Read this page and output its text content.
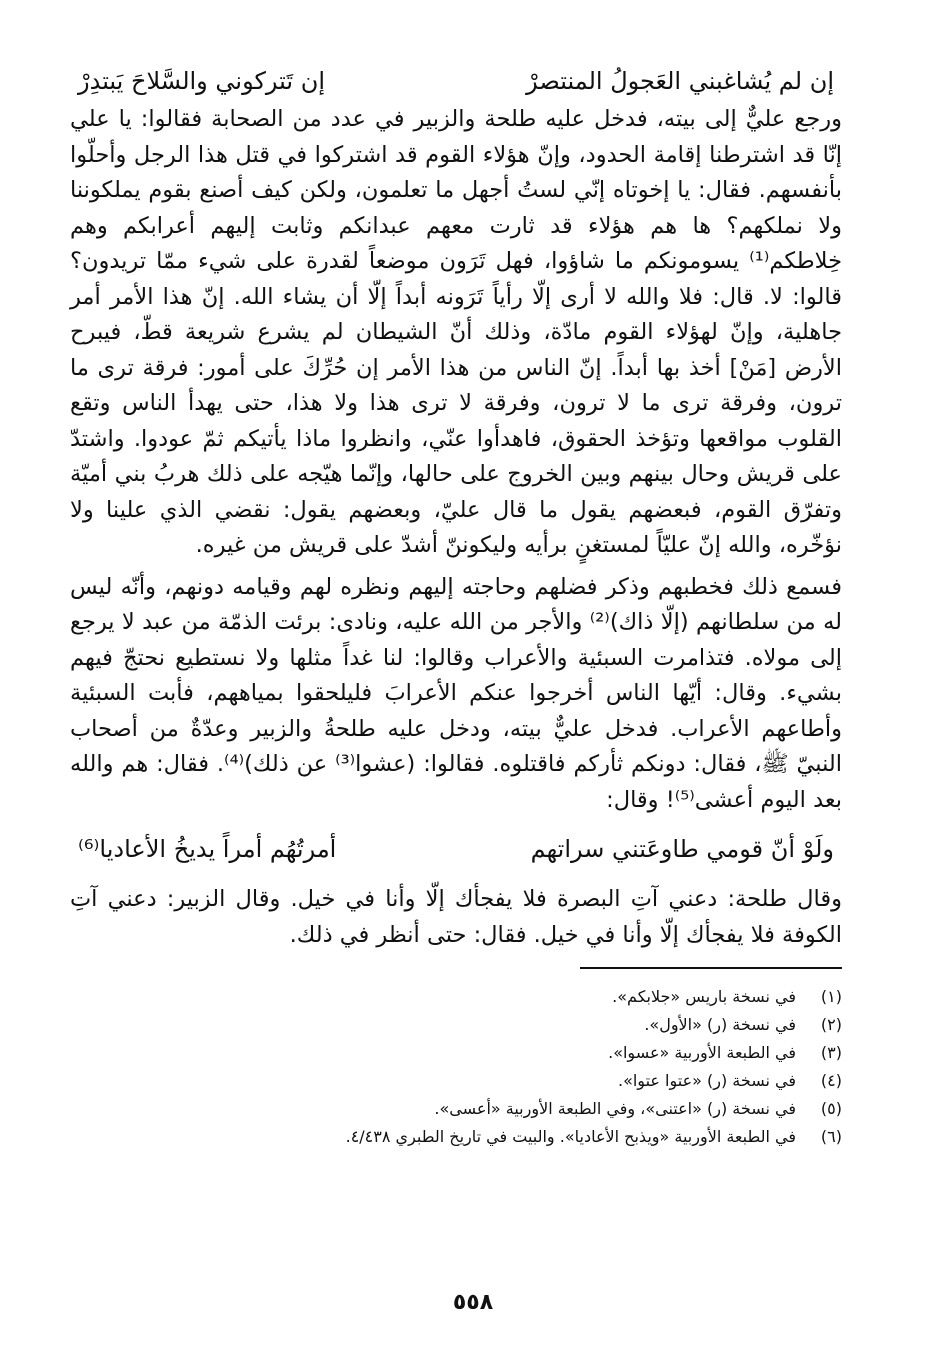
إن لم يُشاغبني العَجولُ المنتصرْ
إن تَتركوني والسَّلاحَ يَبتدِرْ

ورجع عليٌّ إلى بيته، فدخل عليه طلحة والزبير في عدد من الصحابة فقالوا: يا علي إنّا قد اشترطنا إقامة الحدود، وإنّ هؤلاء القوم قد اشتركوا في قتل هذا الرجل وأحلّوا بأنفسهم. فقال: يا إخوتاه إنّي لستُ أجهل ما تعلمون، ولكن كيف أصنع بقوم يملكوننا ولا نملكهم؟ ها هم هؤلاء قد ثارت معهم عبدانكم وثابت إليهم أعرابكم وهم خِلاطكم⁽¹⁾ يسومونكم ما شاؤوا، فهل تَرَون موضعاً لقدرة على شيء ممّا تريدون؟ قالوا: لا. قال: فلا والله لا أرى إلّا رأياً تَرَونه أبداً إلّا أن يشاء الله. إنّ هذا الأمر أمر جاهلية، وإنّ لهؤلاء القوم مادّة، وذلك أنّ الشيطان لم يشرع شريعة قطّ، فيبرح الأرض [مَنْ] أخذ بها أبداً. إنّ الناس من هذا الأمر إن حُرِّكَ على أمور: فرقة ترى ما ترون، وفرقة ترى ما لا ترون، وفرقة لا ترى هذا ولا هذا، حتى يهدأ الناس وتقع القلوب مواقعها وتؤخذ الحقوق، فاهدأوا عنّي، وانظروا ماذا يأتيكم ثمّ عودوا. واشتدّ على قريش وحال بينهم وبين الخروج على حالها، وإنّما هيّجه على ذلك هربُ بني أميّة وتفرّق القوم، فبعضهم يقول ما قال عليّ، وبعضهم يقول: نقضي الذي علينا ولا نؤخّره، والله إنّ عليّاً لمستغنٍ برأيه وليكوننّ أشدّ على قريش من غيره.

فسمع ذلك فخطبهم وذكر فضلهم وحاجته إليهم ونظره لهم وقيامه دونهم، وأنّه ليس له من سلطانهم (إلّا ذاك)⁽²⁾ والأجر من الله عليه، ونادى: برئت الذمّة من عبد لا يرجع إلى مولاه. فتذامرت السبئية والأعراب وقالوا: لنا غداً مثلها ولا نستطيع نحتجّ فيهم بشيء. وقال: أيّها الناس أخرجوا عنكم الأعرابَ فليلحقوا بمياههم، فأبت السبئية وأطاعهم الأعراب. فدخل عليٌّ بيته، ودخل عليه طلحةُ والزبير وعدّةٌ من أصحاب النبيّ ﷺ، فقال: دونكم ثأركم فاقتلوه. فقالوا: (عشوا⁽³⁾ عن ذلك)⁽⁴⁾. فقال: هم والله بعد اليوم أعشى⁽⁵⁾! وقال:

ولَوْ أنّ قومي طاوعَتني سراتهم
أمرتُهُم أمراً يديخُ الأعاديا⁽⁶⁾

وقال طلحة: دعني آتِ البصرة فلا يفجأك إلّا وأنا في خيل. وقال الزبير: دعني آتِ الكوفة فلا يفجأك إلّا وأنا في خيل. فقال: حتى أنظر في ذلك.

(١)
في نسخة باريس «جلابكم».
(٢)
في نسخة (ر) «الأول».
(٣)
في الطبعة الأوربية «عسوا».
(٤)
في نسخة (ر) «عتوا عتوا».
(٥)
في نسخة (ر) «اعتنى»، وفي الطبعة الأوربية «أعسى».
(٦)
في الطبعة الأوربية «ويذبح الأعاديا». والبيت في تاريخ الطبري ٤/٤٣٨.
٥٥٨
